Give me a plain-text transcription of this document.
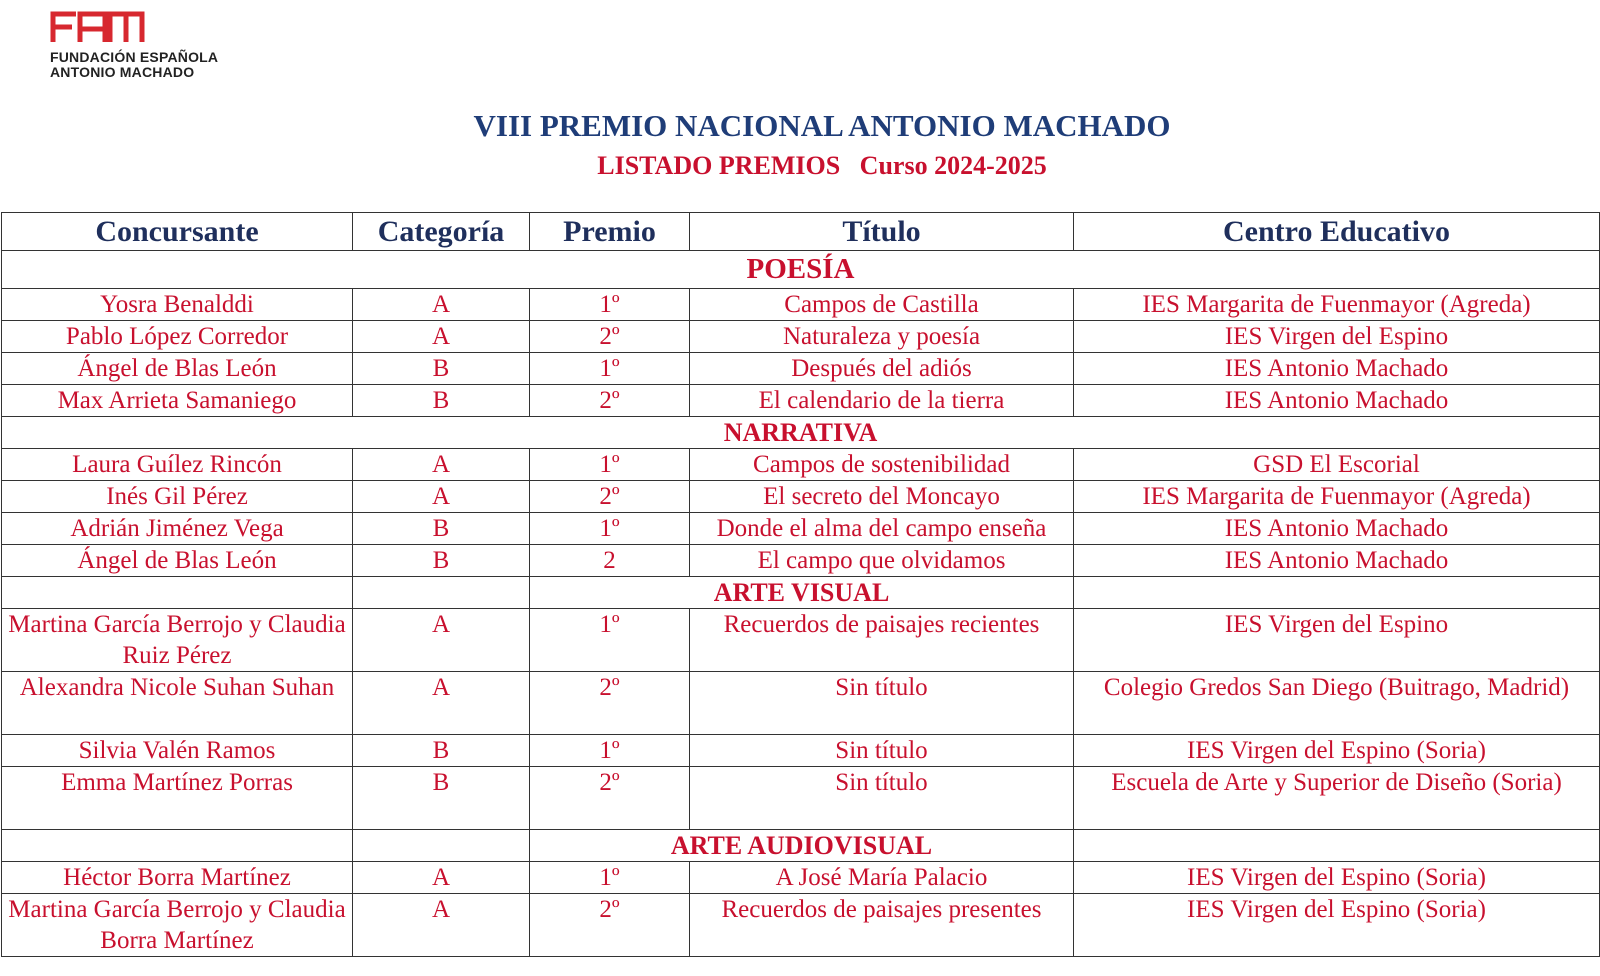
FUNDACIÓN ESPAÑOLA
ANTONIO MACHADO
VIII PREMIO NACIONAL ANTONIO MACHADO
LISTADO PREMIOS   Curso 2024-2025
Concursante	Categoría	Premio	Título	Centro Educativo
POESÍA				
Yosra Benalddi	A	1º	Campos de Castilla	IES Margarita de Fuenmayor (Agreda)
Pablo López Corredor	A	2º	Naturaleza y poesía	IES Virgen del Espino
Ángel de Blas León	B	1º	Después del adiós	IES Antonio Machado
Max Arrieta Samaniego	B	2º	El calendario de la tierra	IES Antonio Machado
NARRATIVA				
Laura Guílez Rincón	A	1º	Campos de sostenibilidad	GSD El Escorial
Inés Gil Pérez	A	2º	El secreto del Moncayo	IES Margarita de Fuenmayor (Agreda)
Adrián Jiménez Vega	B	1º	Donde el alma del campo enseña	IES Antonio Machado
Ángel de Blas León	B	2	El campo que olvidamos	IES Antonio Machado
		ARTE VISUAL		
Martina García Berrojo y Claudia Ruiz Pérez	A	1º	Recuerdos de paisajes recientes	IES Virgen del Espino
Alexandra Nicole Suhan Suhan	A	2º	Sin título	Colegio Gredos San Diego (Buitrago, Madrid)
Silvia Valén Ramos	B	1º	Sin título	IES Virgen del Espino (Soria)
Emma Martínez Porras	B	2º	Sin título	Escuela de Arte y Superior de Diseño (Soria)
		ARTE AUDIOVISUAL		
Héctor Borra Martínez	A	1º	A José María Palacio	IES Virgen del Espino (Soria)
Martina García Berrojo y Claudia Borra Martínez	A	2º	Recuerdos de paisajes presentes	IES Virgen del Espino (Soria)
